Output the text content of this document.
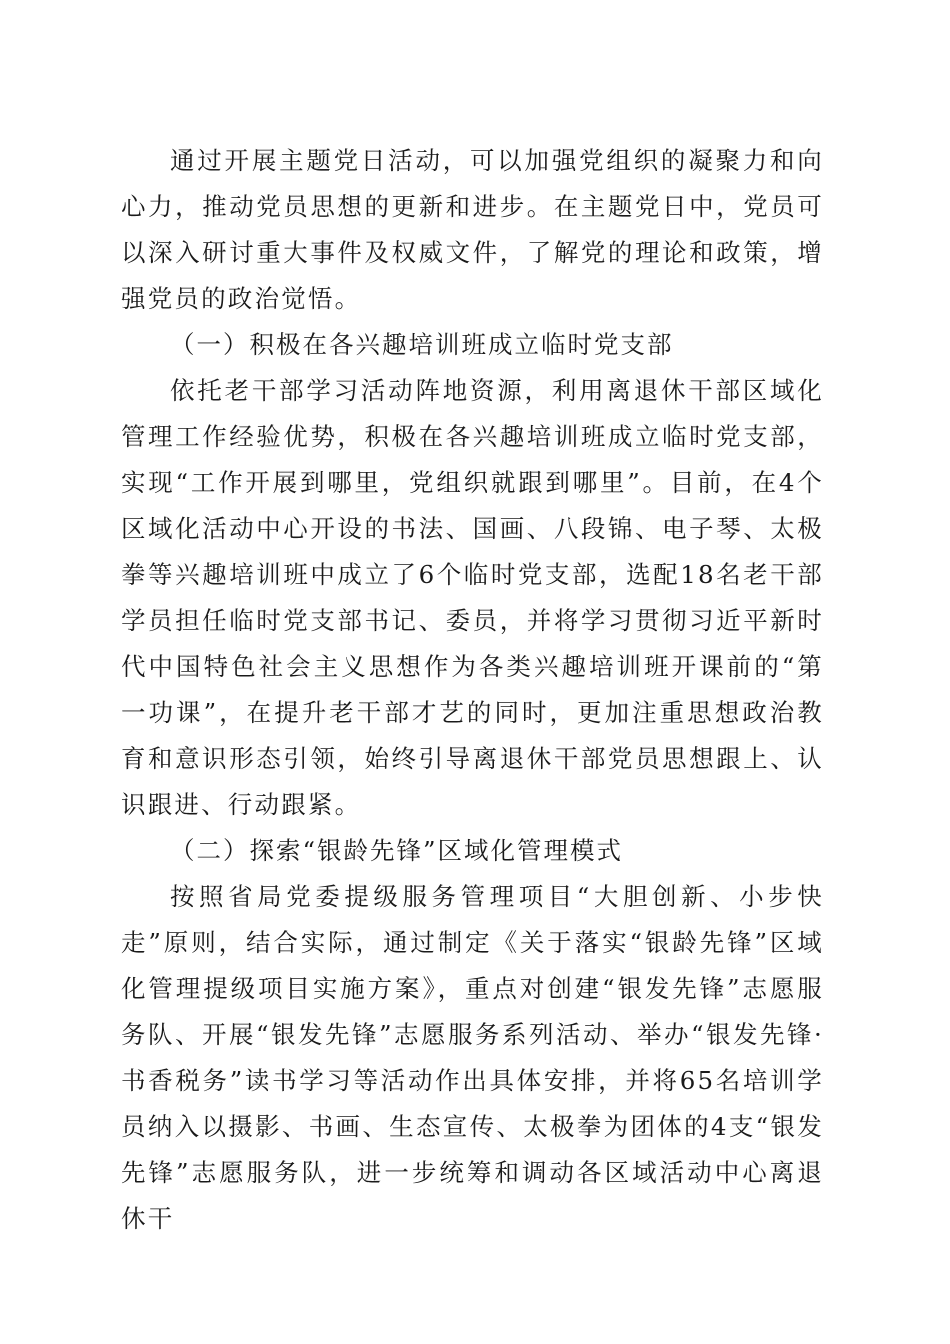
通过开展主题党日活动，可以加强党组织的凝聚力和向心力，推动党员思想的更新和进步。在主题党日中，党员可以深入研讨重大事件及权威文件，了解党的理论和政策，增强党员的政治觉悟。

（一）积极在各兴趣培训班成立临时党支部

依托老干部学习活动阵地资源，利用离退休干部区域化管理工作经验优势，积极在各兴趣培训班成立临时党支部，实现“工作开展到哪里，党组织就跟到哪里”。目前，在4个区域化活动中心开设的书法、国画、八段锦、电子琴、太极拳等兴趣培训班中成立了6个临时党支部，选配18名老干部学员担任临时党支部书记、委员，并将学习贯彻习近平新时代中国特色社会主义思想作为各类兴趣培训班开课前的“第一功课”，在提升老干部才艺的同时，更加注重思想政治教育和意识形态引领，始终引导离退休干部党员思想跟上、认识跟进、行动跟紧。

（二）探索“银龄先锋”区域化管理模式

按照省局党委提级服务管理项目“大胆创新、小步快走”原则，结合实际，通过制定《关于落实“银龄先锋”区域化管理提级项目实施方案》，重点对创建“银发先锋”志愿服务队、开展“银发先锋”志愿服务系列活动、举办“银发先锋·书香税务”读书学习等活动作出具体安排，并将65名培训学员纳入以摄影、书画、生态宣传、太极拳为团体的4支“银发先锋”志愿服务队，进一步统筹和调动各区域活动中心离退休干
